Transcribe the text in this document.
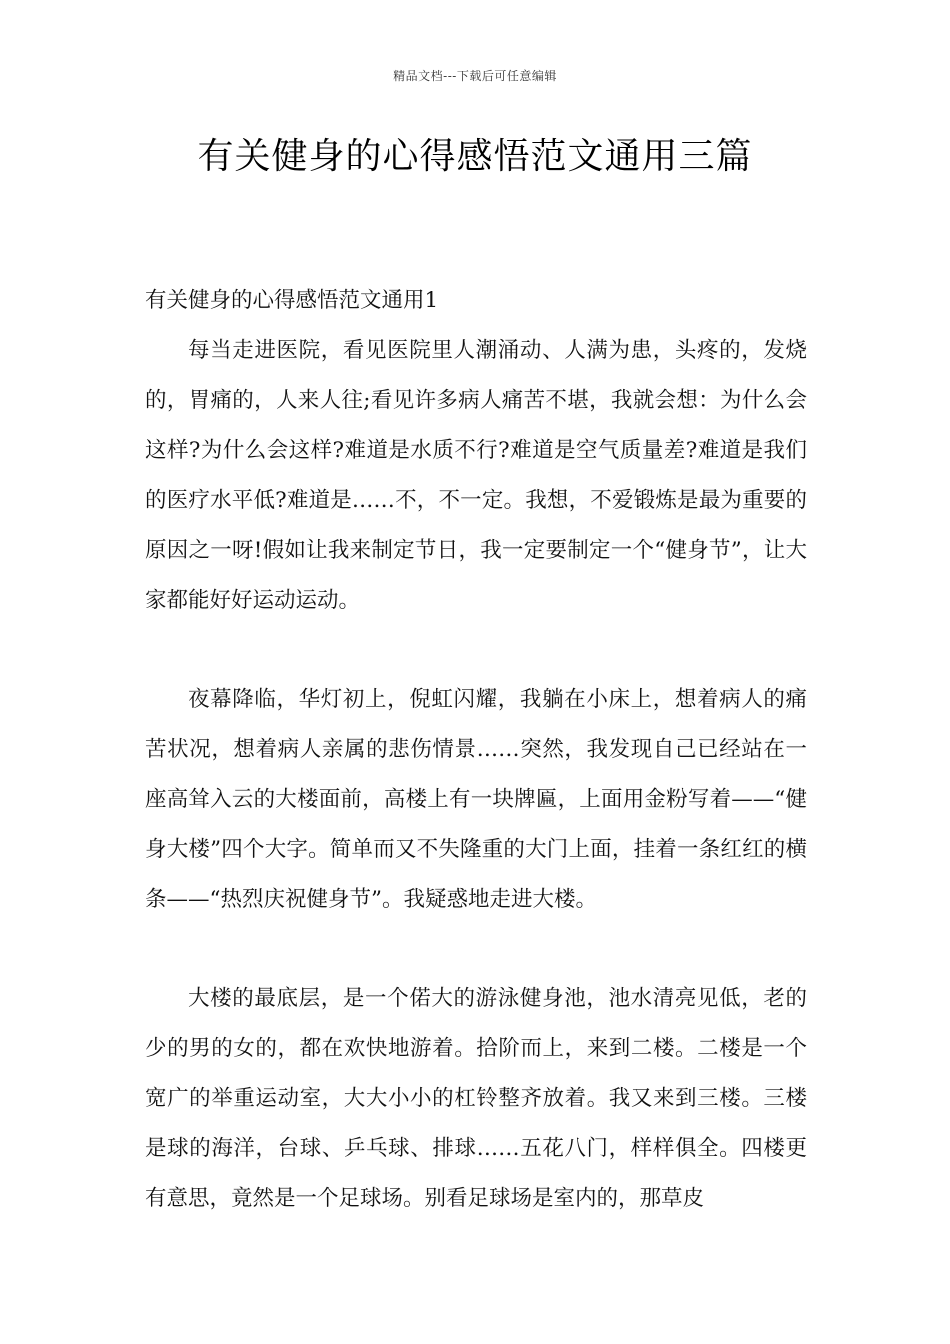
精品文档---下载后可任意编辑
有关健身的心得感悟范文通用三篇
有关健身的心得感悟范文通用1

每当走进医院，看见医院里人潮涌动、人满为患，头疼的，发烧的，胃痛的，人来人往;看见许多病人痛苦不堪，我就会想：为什么会这样?为什么会这样?难道是水质不行?难道是空气质量差?难道是我们的医疗水平低?难道是……不，不一定。我想，不爱锻炼是最为重要的原因之一呀!假如让我来制定节日，我一定要制定一个“健身节”，让大家都能好好运动运动。

夜幕降临，华灯初上，倪虹闪耀，我躺在小床上，想着病人的痛苦状况，想着病人亲属的悲伤情景……突然，我发现自己已经站在一座高耸入云的大楼面前，高楼上有一块牌匾，上面用金粉写着——“健身大楼”四个大字。简单而又不失隆重的大门上面，挂着一条红红的横条——“热烈庆祝健身节”。我疑惑地走进大楼。

大楼的最底层，是一个偌大的游泳健身池，池水清亮见低，老的少的男的女的，都在欢快地游着。拾阶而上，来到二楼。二楼是一个宽广的举重运动室，大大小小的杠铃整齐放着。我又来到三楼。三楼是球的海洋，台球、乒乓球、排球……五花八门，样样俱全。四楼更有意思，竟然是一个足球场。别看足球场是室内的，那草皮
